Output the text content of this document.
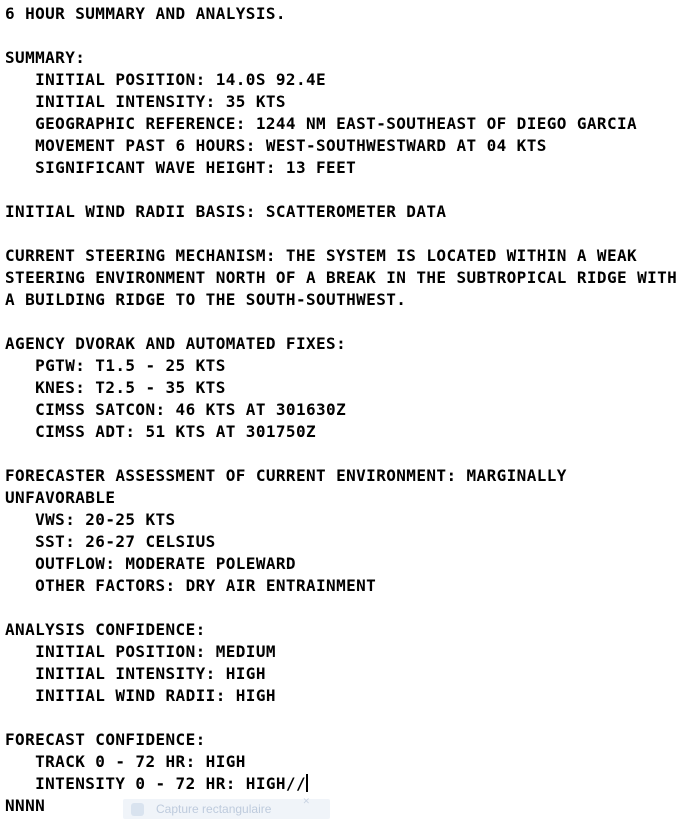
6 HOUR SUMMARY AND ANALYSIS.
SUMMARY:
INITIAL POSITION: 14.0S 92.4E
INITIAL INTENSITY: 35 KTS
GEOGRAPHIC REFERENCE: 1244 NM EAST-SOUTHEAST OF DIEGO GARCIA
MOVEMENT PAST 6 HOURS: WEST-SOUTHWESTWARD AT 04 KTS
SIGNIFICANT WAVE HEIGHT: 13 FEET
INITIAL WIND RADII BASIS: SCATTEROMETER DATA
CURRENT STEERING MECHANISM: THE SYSTEM IS LOCATED WITHIN A WEAK
STEERING ENVIRONMENT NORTH OF A BREAK IN THE SUBTROPICAL RIDGE WITH
A BUILDING RIDGE TO THE SOUTH-SOUTHWEST.
AGENCY DVORAK AND AUTOMATED FIXES:
PGTW: T1.5 - 25 KTS
KNES: T2.5 - 35 KTS
CIMSS SATCON: 46 KTS AT 301630Z
CIMSS ADT: 51 KTS AT 301750Z
FORECASTER ASSESSMENT OF CURRENT ENVIRONMENT: MARGINALLY
UNFAVORABLE
VWS: 20-25 KTS
SST: 26-27 CELSIUS
OUTFLOW: MODERATE POLEWARD
OTHER FACTORS: DRY AIR ENTRAINMENT
ANALYSIS CONFIDENCE:
INITIAL POSITION: MEDIUM
INITIAL INTENSITY: HIGH
INITIAL WIND RADII: HIGH
FORECAST CONFIDENCE:
TRACK 0 - 72 HR: HIGH
INTENSITY 0 - 72 HR: HIGH//
NNNN	Capture rectangulaire
✕
